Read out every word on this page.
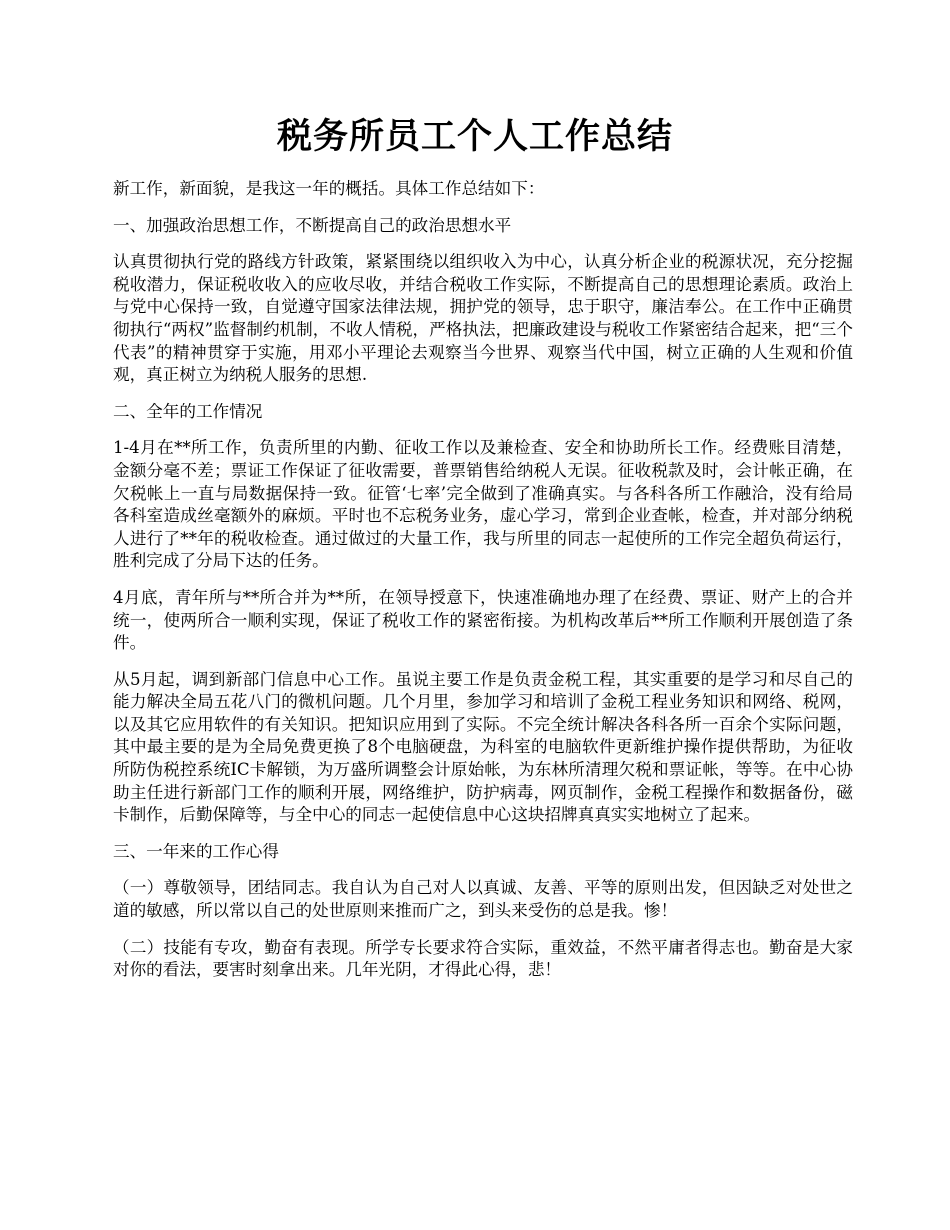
税务所员工个人工作总结

新工作，新面貌，是我这一年的概括。具体工作总结如下：

一、加强政治思想工作，不断提高自己的政治思想水平

认真贯彻执行党的路线方针政策，紧紧围绕以组织收入为中心，认真分析企业的税源状况，充分挖掘税收潜力，保证税收收入的应收尽收，并结合税收工作实际，不断提高自己的思想理论素质。政治上与党中心保持一致，自觉遵守国家法律法规，拥护党的领导，忠于职守，廉洁奉公。在工作中正确贯彻执行“两权”监督制约机制，不收人情税，严格执法，把廉政建设与税收工作紧密结合起来，把“三个代表”的精神贯穿于实施，用邓小平理论去观察当今世界、观察当代中国，树立正确的人生观和价值观，真正树立为纳税人服务的思想.

二、全年的工作情况

1-4月在**所工作，负责所里的内勤、征收工作以及兼检查、安全和协助所长工作。经费账目清楚，金额分毫不差；票证工作保证了征收需要，普票销售给纳税人无误。征收税款及时，会计帐正确，在欠税帐上一直与局数据保持一致。征管‘七率’完全做到了准确真实。与各科各所工作融洽，没有给局各科室造成丝毫额外的麻烦。平时也不忘税务业务，虚心学习，常到企业查帐，检查，并对部分纳税人进行了**年的税收检查。通过做过的大量工作，我与所里的同志一起使所的工作完全超负荷运行，胜利完成了分局下达的任务。

4月底，青年所与**所合并为**所，在领导授意下，快速准确地办理了在经费、票证、财产上的合并统一，使两所合一顺利实现，保证了税收工作的紧密衔接。为机构改革后**所工作顺利开展创造了条件。

从5月起，调到新部门信息中心工作。虽说主要工作是负责金税工程，其实重要的是学习和尽自己的能力解决全局五花八门的微机问题。几个月里，参加学习和培训了金税工程业务知识和网络、税网，以及其它应用软件的有关知识。把知识应用到了实际。不完全统计解决各科各所一百余个实际问题，其中最主要的是为全局免费更换了8个电脑硬盘，为科室的电脑软件更新维护操作提供帮助，为征收所防伪税控系统IC卡解锁，为万盛所调整会计原始帐，为东林所清理欠税和票证帐，等等。在中心协助主任进行新部门工作的顺利开展，网络维护，防护病毒，网页制作，金税工程操作和数据备份，磁卡制作，后勤保障等，与全中心的同志一起使信息中心这块招牌真真实实地树立了起来。

三、一年来的工作心得

（一）尊敬领导，团结同志。我自认为自己对人以真诚、友善、平等的原则出发，但因缺乏对处世之道的敏感，所以常以自己的处世原则来推而广之，到头来受伤的总是我。惨！

（二）技能有专攻，勤奋有表现。所学专长要求符合实际，重效益，不然平庸者得志也。勤奋是大家对你的看法，要害时刻拿出来。几年光阴，才得此心得，悲！
